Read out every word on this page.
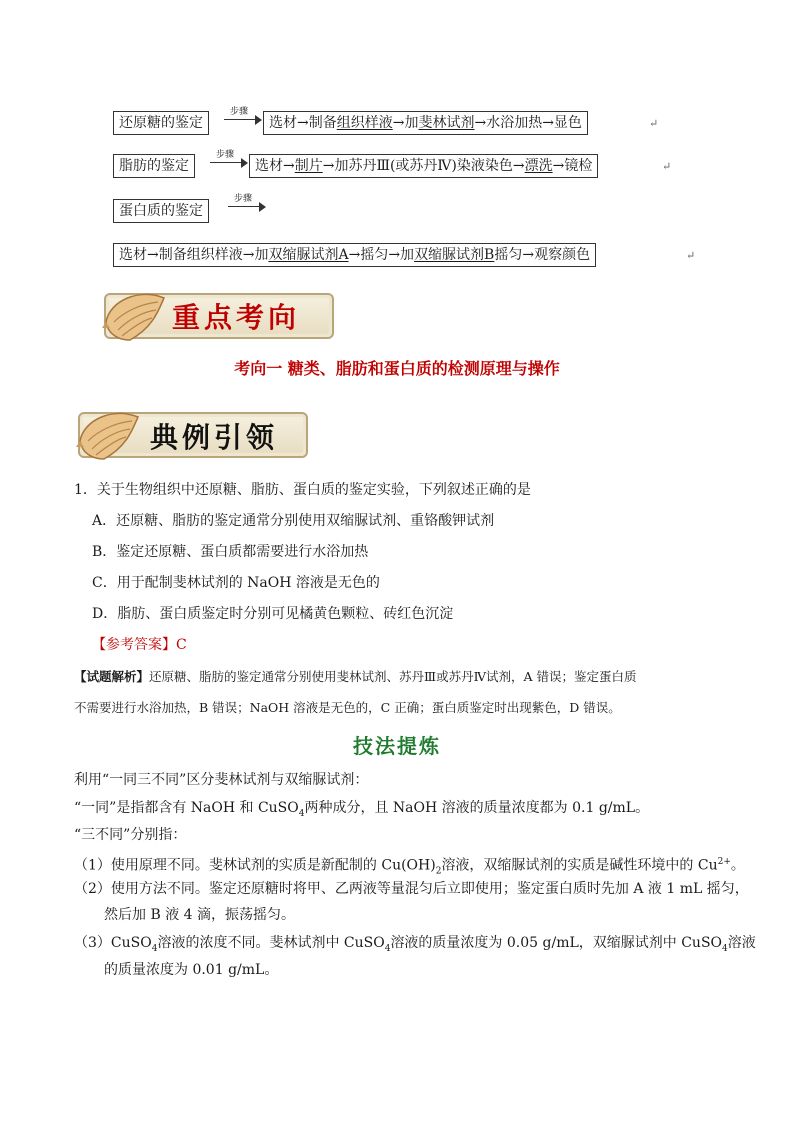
还原糖的鉴定
步骤
选材→制备组织样液→加斐林试剂→水浴加热→显色	↵
脂肪的鉴定
步骤
选材→制片→加苏丹Ⅲ(或苏丹Ⅳ)染液染色→漂洗→镜检	↵
蛋白质的鉴定
步骤
选材→制备组织样液→加双缩脲试剂A→摇匀→加双缩脲试剂B摇匀→观察颜色	↵
重点考向
考向一 糖类、脂肪和蛋白质的检测原理与操作
典例引领
1．关于生物组织中还原糖、脂肪、蛋白质的鉴定实验，下列叙述正确的是
A．还原糖、脂肪的鉴定通常分别使用双缩脲试剂、重铬酸钾试剂
B．鉴定还原糖、蛋白质都需要进行水浴加热
C．用于配制斐林试剂的 NaOH 溶液是无色的
D．脂肪、蛋白质鉴定时分别可见橘黄色颗粒、砖红色沉淀
【参考答案】C
【试题解析】还原糖、脂肪的鉴定通常分别使用斐林试剂、苏丹Ⅲ或苏丹Ⅳ试剂，A 错误；鉴定蛋白质
不需要进行水浴加热，B 错误；NaOH 溶液是无色的，C 正确；蛋白质鉴定时出现紫色，D 错误。
技法提炼
利用“一同三不同”区分斐林试剂与双缩脲试剂：
“一同”是指都含有 NaOH 和 CuSO$_4$两种成分，且 NaOH 溶液的质量浓度都为 0.1 g/mL。
“三不同”分别指：
（1）使用原理不同。斐林试剂的实质是新配制的 $Cu(OH)_2$溶液，双缩脲试剂的实质是碱性环境中的 $Cu^{2+}$。
（2）使用方法不同。鉴定还原糖时将甲、乙两液等量混匀后立即使用；鉴定蛋白质时先加 A 液 1 mL 摇匀，
然后加 B 液 4 滴，振荡摇匀。
（3）CuSO$_4$溶液的浓度不同。斐林试剂中 CuSO$_4$溶液的质量浓度为 0.05 g/mL，双缩脲试剂中 CuSO$_4$溶液
的质量浓度为 0.01 g/mL。
